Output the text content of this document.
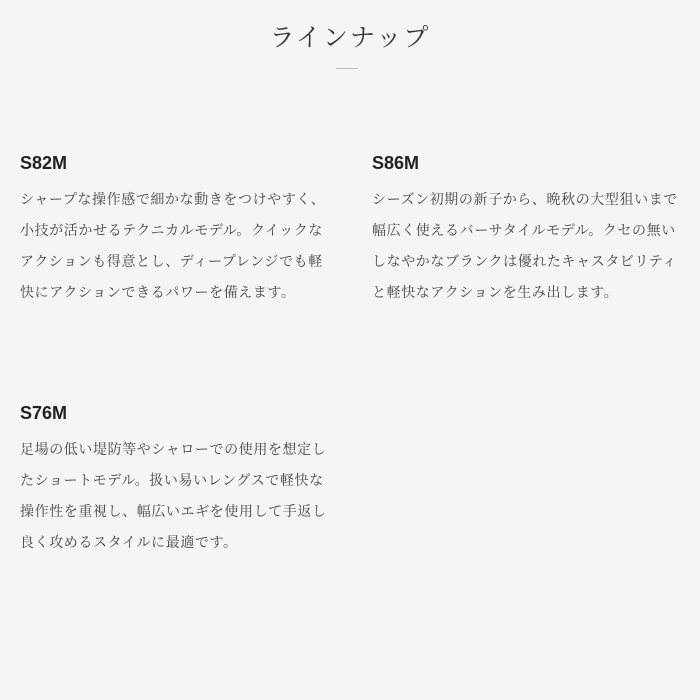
ラインナップ
S82M

シャープな操作感で細かな動きをつけやすく、小技が活かせるテクニカルモデル。クイックなアクションも得意とし、ディープレンジでも軽快にアクションできるパワーを備えます。

S86M

シーズン初期の新子から、晩秋の大型狙いまで幅広く使えるバーサタイルモデル。クセの無いしなやかなブランクは優れたキャスタビリティと軽快なアクションを生み出します。

S76M

足場の低い堤防等やシャローでの使用を想定したショートモデル。扱い易いレングスで軽快な操作性を重視し、幅広いエギを使用して手返し良く攻めるスタイルに最適です。
